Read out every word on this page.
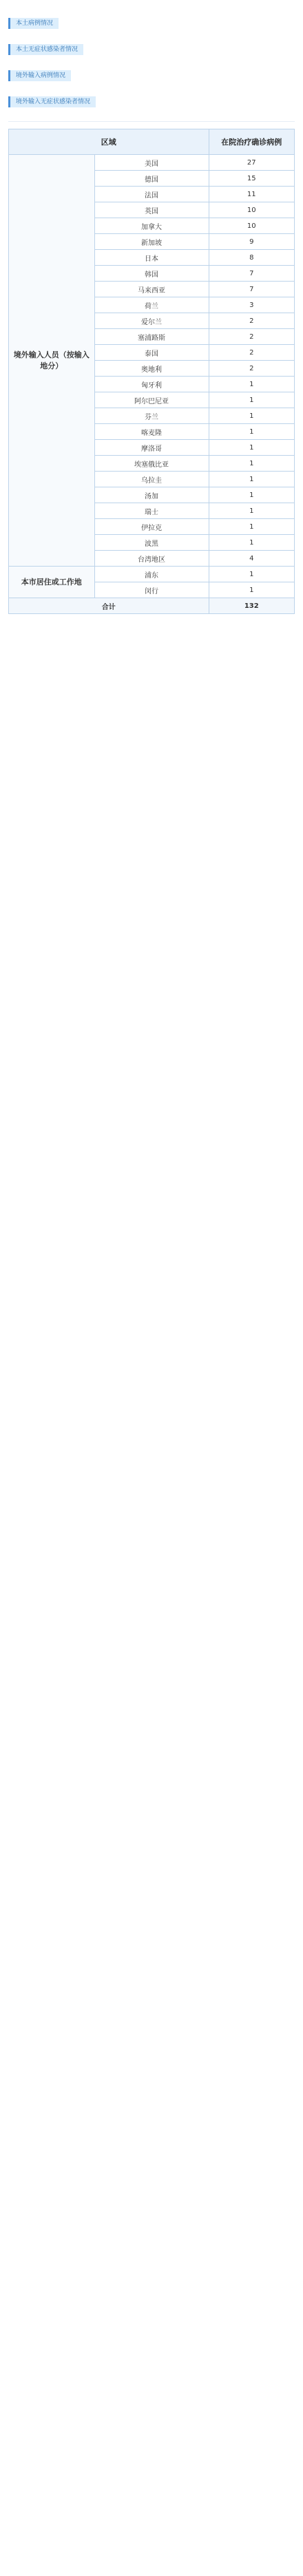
本土病例情况
本土无症状感染者情况
境外输入病例情况
境外输入无症状感染者情况
区域		在院治疗确诊病例
境外输入人员（按输入地分）	美国	27
	德国	15
	法国	11
	英国	10
	加拿大	10
	新加坡	9
	日本	8
	韩国	7
	马来西亚	7
	荷兰	3
	爱尔兰	2
	塞浦路斯	2
	泰国	2
	奥地利	2
	匈牙利	1
	阿尔巴尼亚	1
	芬兰	1
	喀麦隆	1
	摩洛哥	1
	埃塞俄比亚	1
	乌拉圭	1
	汤加	1
	瑞士	1
	伊拉克	1
	波黑	1
	台湾地区	4
本市居住或工作地	浦东	1
	闵行	1
合计		132
